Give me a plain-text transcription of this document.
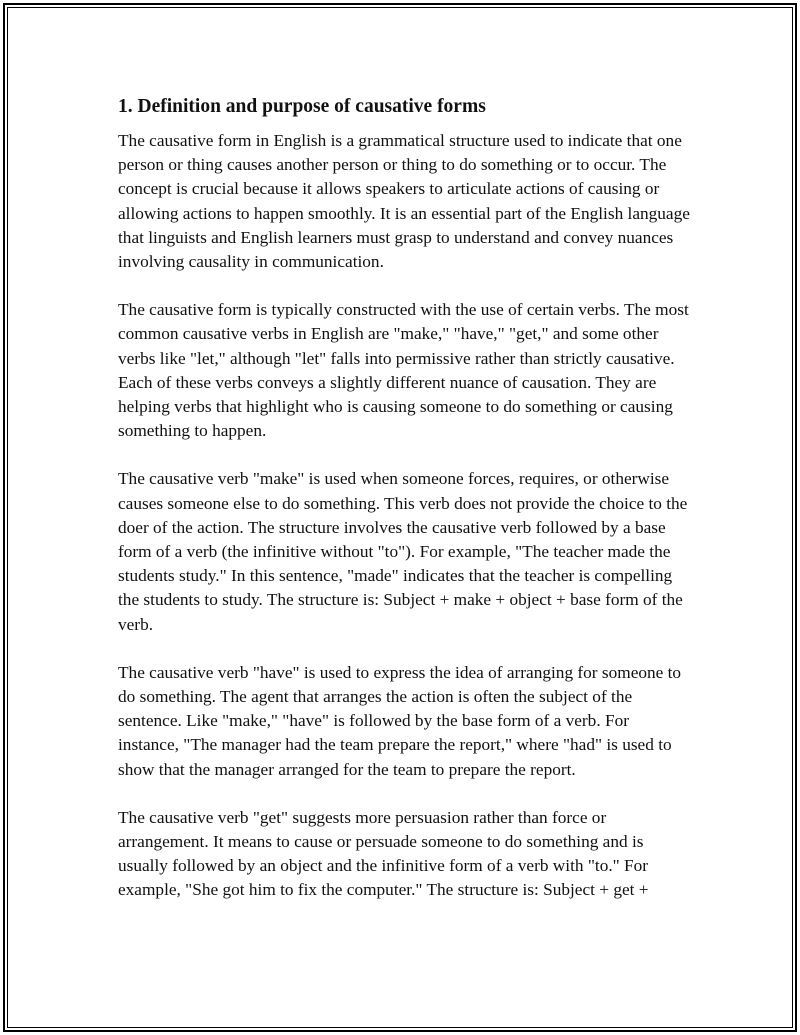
1. Definition and purpose of causative forms

The causative form in English is a grammatical structure used to indicate that one person or thing causes another person or thing to do something or to occur. The concept is crucial because it allows speakers to articulate actions of causing or allowing actions to happen smoothly. It is an essential part of the English language that linguists and English learners must grasp to understand and convey nuances involving causality in communication.

The causative form is typically constructed with the use of certain verbs. The most common causative verbs in English are "make," "have," "get," and some other verbs like "let," although "let" falls into permissive rather than strictly causative. Each of these verbs conveys a slightly different nuance of causation. They are helping verbs that highlight who is causing someone to do something or causing something to happen.

The causative verb "make" is used when someone forces, requires, or otherwise causes someone else to do something. This verb does not provide the choice to the doer of the action. The structure involves the causative verb followed by a base form of a verb (the infinitive without "to"). For example, "The teacher made the students study." In this sentence, "made" indicates that the teacher is compelling the students to study. The structure is: Subject + make + object + base form of the verb.

The causative verb "have" is used to express the idea of arranging for someone to do something. The agent that arranges the action is often the subject of the sentence. Like "make," "have" is followed by the base form of a verb. For instance, "The manager had the team prepare the report," where "had" is used to show that the manager arranged for the team to prepare the report.

The causative verb "get" suggests more persuasion rather than force or arrangement. It means to cause or persuade someone to do something and is usually followed by an object and the infinitive form of a verb with "to." For example, "She got him to fix the computer." The structure is: Subject + get +
